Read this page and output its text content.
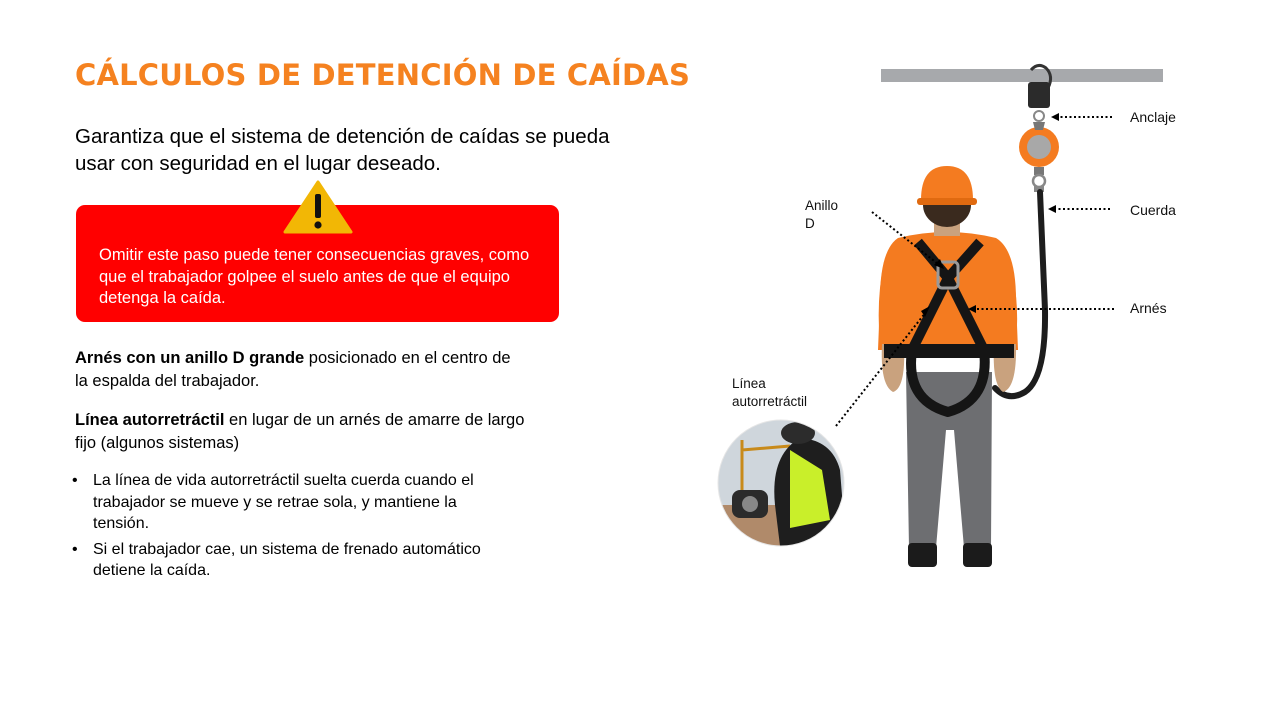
CÁLCULOS DE DETENCIÓN DE CAÍDAS
Garantiza que el sistema de detención de caídas se pueda usar con seguridad en el lugar deseado.
Omitir este paso puede tener consecuencias graves, como que el trabajador golpee el suelo antes de que el equipo detenga la caída.
Arnés con un anillo D grande posicionado en el centro de la espalda del trabajador.
Línea autorretráctil en lugar de un arnés de amarre de largo fijo (algunos sistemas)
• La línea de vida autorretráctil suelta cuerda cuando el trabajador se mueve y se retrae sola, y mantiene la tensión.
• Si el trabajador cae, un sistema de frenado automático detiene la caída.
Anclaje
Cuerda
Arnés
Anillo
D
Línea
autorretráctil
